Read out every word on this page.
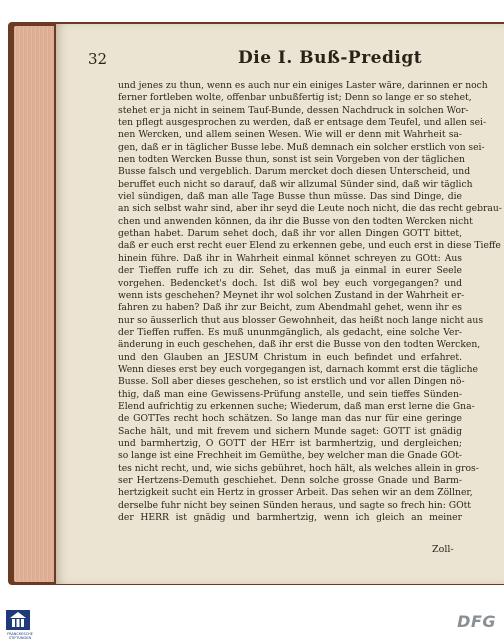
32	Die I. Buß-Predigt
und jenes zu thun, wenn es auch nur ein einiges Laster wäre, darinnen er noch
ferner fortleben wolte, offenbar unbußfertig ist; Denn so lange er so stehet,
stehet er ja nicht in seinem Tauf-Bunde, dessen Nachdruck in solchen Wor-
ten pflegt ausgesprochen zu werden, daß er entsage dem Teufel, und allen sei-
nen Wercken, und allem seinen Wesen. Wie will er denn mit Wahrheit sa-
gen, daß er in täglicher Busse lebe. Muß demnach ein solcher erstlich von sei-
nen todten Wercken Busse thun, sonst ist sein Vorgeben von der täglichen
Busse falsch und vergeblich. Darum mercket doch diesen Unterscheid, und
beruffet euch nicht so darauf, daß wir allzumal Sünder sind, daß wir täglich
viel sündigen, daß man alle Tage Busse thun müsse. Das sind Dinge, die
an sich selbst wahr sind, aber ihr seyd die Leute noch nicht, die das recht gebrau-
chen und anwenden können, da ihr die Busse von den todten Wercken nicht
gethan habet. Darum sehet doch, daß ihr vor allen Dingen GOTT bittet,
daß er euch erst recht euer Elend zu erkennen gebe, und euch erst in diese Tieffe
hinein führe. Daß ihr in Wahrheit einmal könnet schreyen zu GOtt: Aus
der Tieffen ruffe ich zu dir. Sehet, das muß ja einmal in eurer Seele
vorgehen. Bedencket's doch. Ist diß wol bey euch vorgegangen? und
wenn ists geschehen? Meynet ihr wol solchen Zustand in der Wahrheit er-
fahren zu haben? Daß ihr zur Beicht, zum Abendmahl gehet, wenn ihr es
nur so äusserlich thut aus blosser Gewohnheit, das heißt noch lange nicht aus
der Tieffen ruffen. Es muß ununmgänglich, als gedacht, eine solche Ver-
änderung in euch geschehen, daß ihr erst die Busse von den todten Wercken,
und den Glauben an JESUM Christum in euch befindet und erfahret.
Wenn dieses erst bey euch vorgegangen ist, darnach kommt erst die tägliche
Busse. Soll aber dieses geschehen, so ist erstlich und vor allen Dingen nö-
thig, daß man eine Gewissens-Prüfung anstelle, und sein tieffes Sünden-
Elend aufrichtig zu erkennen suche; Wiederum, daß man erst lerne die Gna-
de GOTTes recht hoch schätzen. So lange man das nur für eine geringe
Sache hält, und mit frevem und sichern Munde saget: GOTT ist gnädig
und barmhertzig, O GOTT der HErr ist barmhertzig, und dergleichen;
so lange ist eine Frechheit im Gemüthe, bey welcher man die Gnade GOt-
tes nicht recht, und, wie sichs gebühret, hoch hält, als welches allein in gros-
ser Hertzens-Demuth geschiehet. Denn solche grosse Gnade und Barm-
hertzigkeit sucht ein Hertz in grosser Arbeit. Das sehen wir an dem Zöllner,
derselbe fuhr nicht bey seinen Sünden heraus, und sagte so frech hin: GOtt
der HERR ist gnädig und barmhertzig, wenn ich gleich an meiner
Zoll-
FRANCKESCHE STIFTUNGEN
DFG
